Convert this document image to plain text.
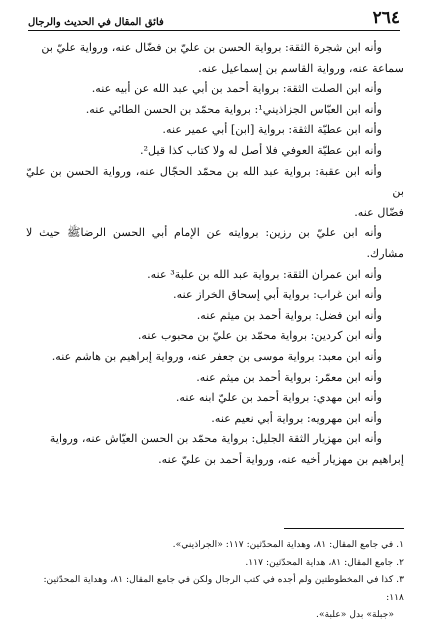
٢٦٤
فائق المقال في الحديث والرجال
وأنه ابن شجرة الثقة: برواية الحسن بن عليّ بن فضّال عنه، ورواية عليّ بن
سماعة عنه، ورواية القاسم بن إسماعيل عنه.
وأنه ابن الصلت الثقة: برواية أحمد بن أبي عبد الله عن أبيه عنه.
وأنه ابن العبّاس الجزاذيني¹: برواية محمّد بن الحسن الطائي عنه.
وأنه ابن عطيّة الثقة: برواية [ابن] أبي عمير عنه.
وأنه ابن عطيّة العوفي فلا أصل له ولا كتاب كذا قيل².
وأنه ابن عقبة: برواية عبد الله بن محمّد الحجّال عنه، ورواية الحسن بن عليّ بن
فضّال عنه.
وأنه ابن عليّ بن رزين: بروايته عن الإمام أبي الحسن الرضاﷺ حيث لا مشارك.
وأنه ابن عمران الثقة: برواية عبد الله بن علبة³ عنه.
وأنه ابن غراب: برواية أبي إسحاق الخراز عنه.
وأنه ابن فضل: برواية أحمد بن ميثم عنه.
وأنه ابن كردين: برواية محمّد بن عليّ بن محبوب عنه.
وأنه ابن معبد: برواية موسى بن جعفر عنه، ورواية إبراهيم بن هاشم عنه.
وأنه ابن معمّر: برواية أحمد بن ميثم عنه.
وأنه ابن مهدي: برواية أحمد بن عليّ ابنه عنه.
وأنه ابن مهرويه: برواية أبي نعيم عنه.
وأنه ابن مهزيار الثقة الجليل: برواية محمّد بن الحسن العيّاش عنه، ورواية
إبراهيم بن مهزيار أخيه عنه، ورواية أحمد بن عليّ عنه.

١. في جامع المقال: ٨١، وهداية المحدّثين: ١١٧: «الجراذيني».

٢. جامع المقال: ٨١، هداية المحدّثين: ١١٧.

٣. كذا في المخطوطتين ولم أجده في كتب الرجال ولكن في جامع المقال: ٨١، وهداية المحدّثين: ١١٨:

«جبلة» بدل «علبة».
